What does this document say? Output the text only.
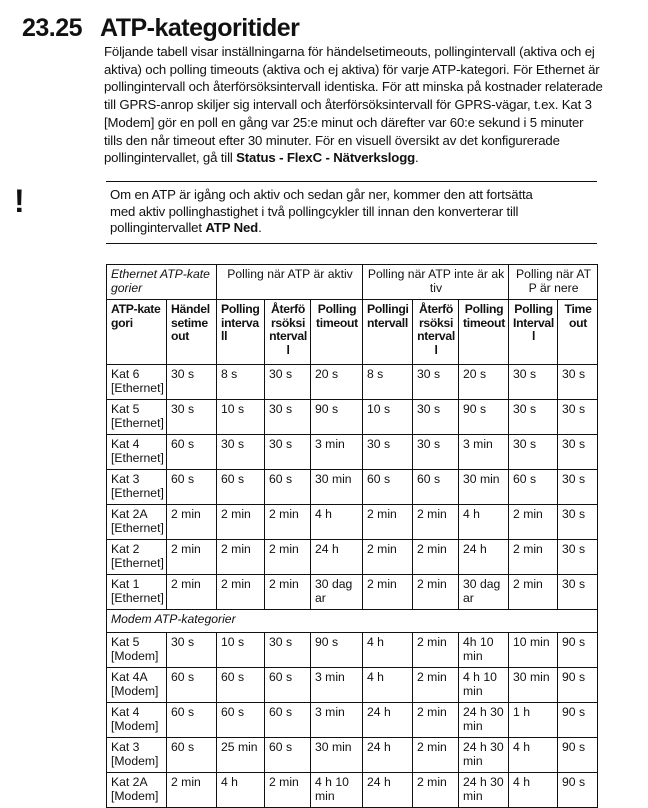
23.25 ATP-kategoritider
Följande tabell visar inställningarna för händelsetimeouts, pollingintervall (aktiva och ej aktiva) och polling timeouts (aktiva och ej aktiva) för varje ATP-kategori. För Ethernet är pollingintervall och återförsöksintervall identiska. För att minska på kostnader relaterade till GPRS-anrop skiljer sig intervall och återförsöksintervall för GPRS-vägar, t.ex. Kat 3 [Modem] gör en poll en gång var 25:e minut och därefter var 60:e sekund i 5 minuter tills den når timeout efter 30 minuter. För en visuell översikt av det konfigurerade pollingintervallet, gå till Status - FlexC - Nätverkslogg.
!	Om en ATP är igång och aktiv och sedan går ner, kommer den att fortsätta med aktiv pollinghastighet i två pollingcykler till innan den konverterar till pollingintervallet ATP Ned.
Ethernet ATP-kategorier		Polling när ATP är aktiv			Polling när ATP inte är aktiv			Polling när ATP är nere	
ATP-kategori	Händelsetimeout	Pollingintervall	Återförsöksintervall	Polling timeout	Pollingintervall	Återförsöksintervall	Polling timeout	Polling Intervall	Timeout
Kat 6 [Ethernet]	30 s	8 s	30 s	20 s	8 s	30 s	20 s	30 s	30 s
Kat 5 [Ethernet]	30 s	10 s	30 s	90 s	10 s	30 s	90 s	30 s	30 s
Kat 4 [Ethernet]	60 s	30 s	30 s	3 min	30 s	30 s	3 min	30 s	30 s
Kat 3 [Ethernet]	60 s	60 s	60 s	30 min	60 s	60 s	30 min	60 s	30 s
Kat 2A [Ethernet]	2 min	2 min	2 min	4 h	2 min	2 min	4 h	2 min	30 s
Kat 2 [Ethernet]	2 min	2 min	2 min	24 h	2 min	2 min	24 h	2 min	30 s
Kat 1 [Ethernet]	2 min	2 min	2 min	30 dagar	2 min	2 min	30 dagar	2 min	30 s
Modem ATP-kategorier									
Kat 5 [Modem]	30 s	10 s	30 s	90 s	4 h	2 min	4h 10 min	10 min	90 s
Kat 4A [Modem]	60 s	60 s	60 s	3 min	4 h	2 min	4 h 10 min	30 min	90 s
Kat 4 [Modem]	60 s	60 s	60 s	3 min	24 h	2 min	24 h 30 min	1 h	90 s
Kat 3 [Modem]	60 s	25 min	60 s	30 min	24 h	2 min	24 h 30 min	4 h	90 s
Kat 2A [Modem]	2 min	4 h	2 min	4 h 10 min	24 h	2 min	24 h 30 min	4 h	90 s
